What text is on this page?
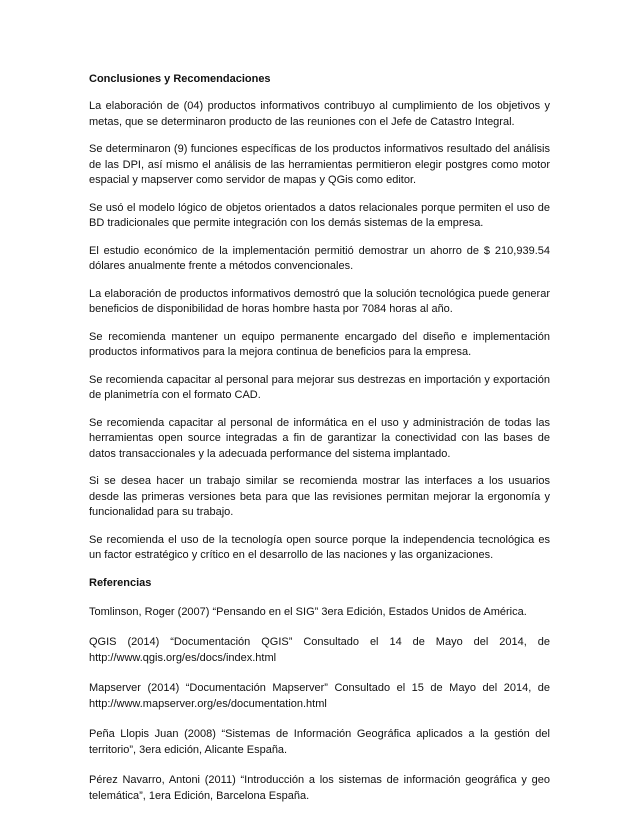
Conclusiones y Recomendaciones

La elaboración de (04) productos informativos contribuyo al cumplimiento de los objetivos y metas, que se determinaron producto de las reuniones con el Jefe de Catastro Integral.

Se determinaron (9) funciones específicas de los productos informativos resultado del análisis de las DPI, así mismo el análisis de las herramientas permitieron elegir postgres como motor espacial y mapserver como servidor de mapas y QGis como editor.

Se usó el modelo lógico de objetos orientados a datos relacionales porque permiten el uso de BD tradicionales que permite integración con los demás sistemas de la empresa.

El estudio económico de la implementación permitió demostrar un ahorro de $ 210,939.54 dólares anualmente frente a métodos convencionales.

La elaboración de productos informativos demostró que la solución tecnológica puede generar beneficios de disponibilidad de horas hombre hasta por 7084 horas al año.

Se recomienda mantener un equipo permanente encargado del diseño e implementación productos informativos para la mejora continua de beneficios para la empresa.

Se recomienda capacitar al personal para mejorar sus destrezas en importación y exportación de planimetría con el formato CAD.

Se recomienda capacitar al personal de informática en el uso y administración de todas las herramientas open source integradas a fin de garantizar la conectividad con las bases de datos transaccionales y la adecuada performance del sistema implantado.

Si se desea hacer un trabajo similar se recomienda mostrar las interfaces a los usuarios desde las primeras versiones beta para que las revisiones permitan mejorar la ergonomía y funcionalidad para su trabajo.

Se recomienda el uso de la tecnología open source porque la independencia tecnológica es un factor estratégico y crítico en el desarrollo de las naciones y las organizaciones.

Referencias

Tomlinson, Roger (2007) “Pensando en el SIG” 3era Edición, Estados Unidos de América.

QGIS (2014) “Documentación QGIS” Consultado el 14 de Mayo del 2014, de http://www.qgis.org/es/docs/index.html

Mapserver (2014) “Documentación Mapserver” Consultado el 15 de Mayo del 2014, de http://www.mapserver.org/es/documentation.html

Peña Llopis Juan (2008) “Sistemas de Información Geográfica aplicados a la gestión del territorio”, 3era edición, Alicante España.

Pérez Navarro, Antoni (2011) “Introducción a los sistemas de información geográfica y geo telemática”, 1era Edición, Barcelona España.
